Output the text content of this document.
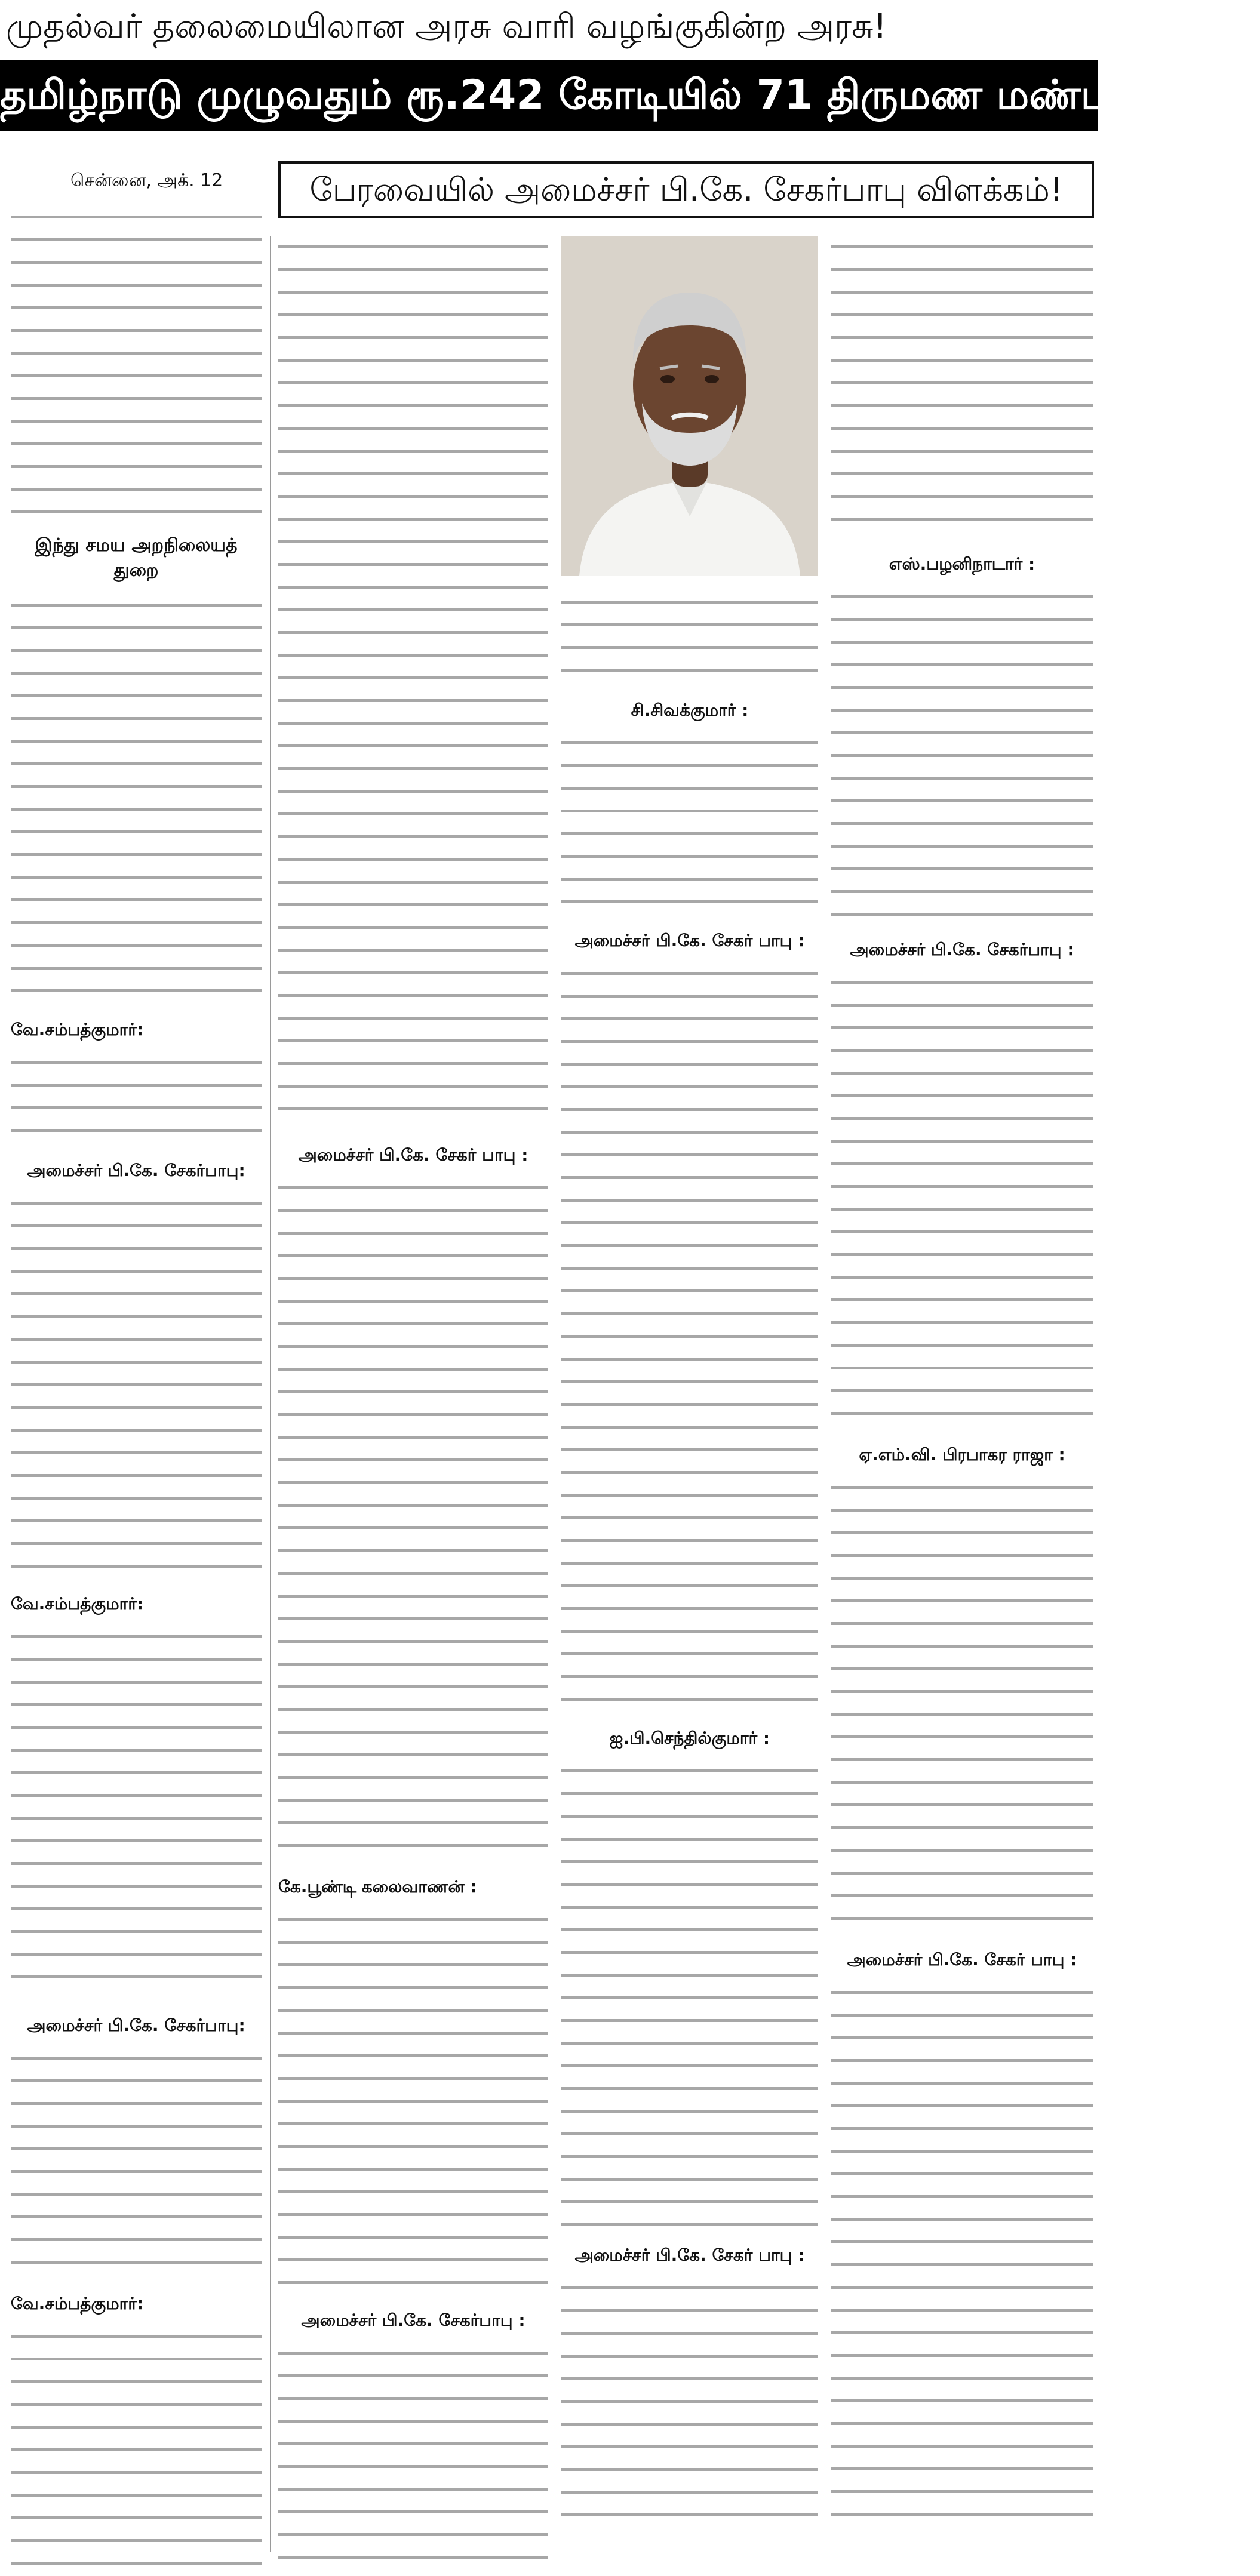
முதல்வர் தலைமையிலான அரசு வாரி வழங்குகின்ற அரசு!
தமிழ்நாடு முழுவதும் ரூ.242 கோடியில் 71 திருமண மண்டபங்கள்!
பேரவையில் அமைச்சர் பி.கே. சேகர்பாபு விளக்கம்!
சென்னை, அக். 12
இந்து சமய அறநிலையத் துறை
வே.சம்பத்குமார்:
அமைச்சர் பி.கே. சேகர்பாபு:
வே.சம்பத்குமார்:
அமைச்சர் பி.கே. சேகர்பாபு:
வே.சம்பத்குமார்:
அமைச்சர் பி.கே. சேகர் பாபு :
கே.பூண்டி கலைவாணன் :
அமைச்சர் பி.கே. சேகர்பாபு :
சி.சிவக்குமார் :
அமைச்சர் பி.கே. சேகர் பாபு :
ஐ.பி.செந்தில்குமார் :
அமைச்சர் பி.கே. சேகர் பாபு :
எஸ்.பழனிநாடார் :
அமைச்சர் பி.கே. சேகர்பாபு :
ஏ.எம்.வி. பிரபாகர ராஜா :
அமைச்சர் பி.கே. சேகர் பாபு :
